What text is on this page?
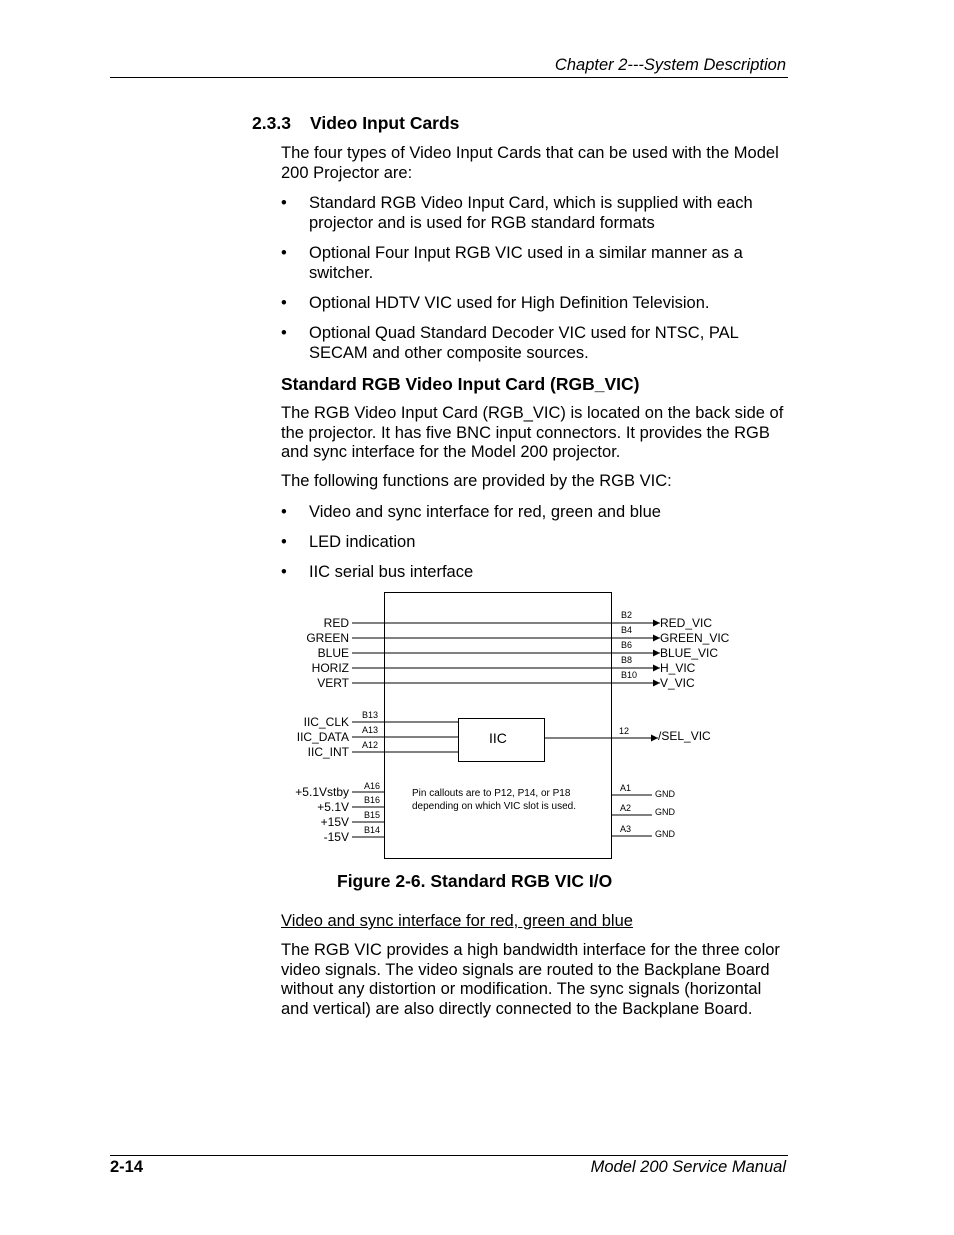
Chapter 2---System Description
2.3.3 Video Input Cards
The four types of Video Input Cards that can be used with the Model 200 Projector are:
• Standard RGB Video Input Card, which is supplied with each projector and is used for RGB standard formats
• Optional Four Input RGB VIC used in a similar manner as a switcher.
• Optional HDTV VIC used for High Definition Television.
• Optional Quad Standard Decoder VIC used for NTSC, PAL SECAM and other composite sources.
Standard RGB Video Input Card (RGB_VIC)
The RGB Video Input Card (RGB_VIC) is located on the back side of the projector. It has five BNC input connectors. It provides the RGB and sync interface for the Model 200 projector.
The following functions are provided by the RGB VIC:
• Video and sync interface for red, green and blue
• LED indication
• IIC serial bus interface
RED
GREEN
BLUE
HORIZ
VERT
B2
B4
B6
B8
B10
RED_VIC
GREEN_VIC
BLUE_VIC
H_VIC
V_VIC
IIC_CLK
IIC_DATA
IIC_INT
B13
A13
A12	IIC	12 /SEL_VIC
+5.1Vstby
+5.1V
+15V
-15V
A16
B16
B15
B14
Pin callouts are to P12, P14, or P18
depending on which VIC slot is used.
A1
A2
A3
GND
GND
GND
Figure 2-6. Standard RGB VIC I/O
Video and sync interface for red, green and blue
The RGB VIC provides a high bandwidth interface for the three color video signals. The video signals are routed to the Backplane Board without any distortion or modification. The sync signals (horizontal and vertical) are also directly connected to the Backplane Board.
2-14	Model 200 Service Manual
